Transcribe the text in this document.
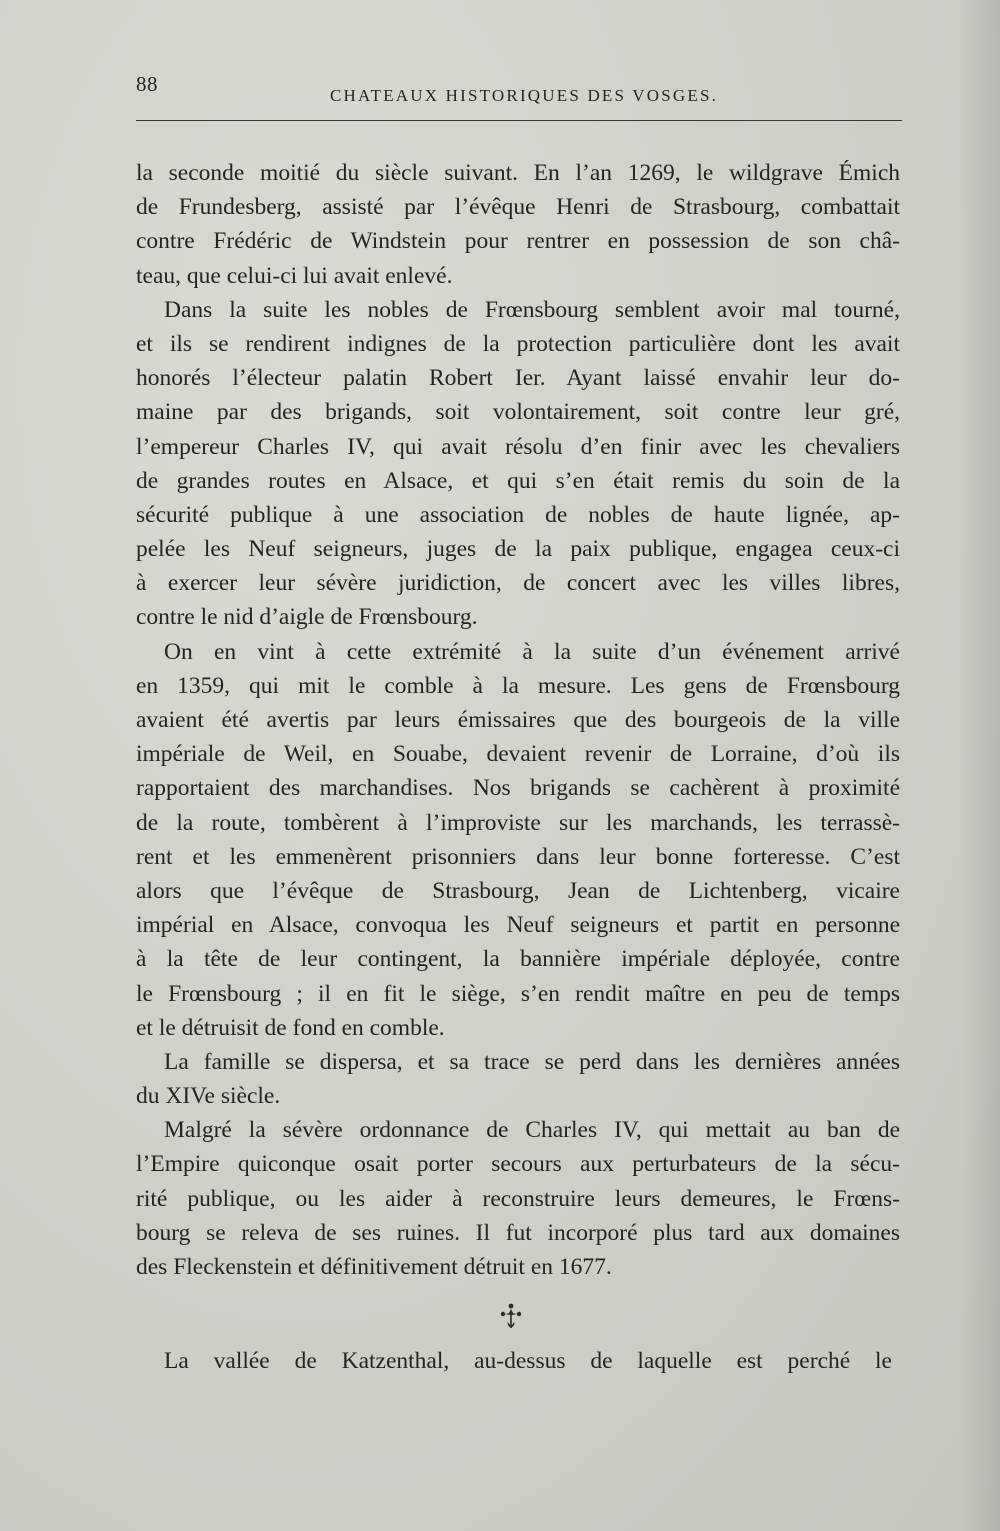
88	CHATEAUX HISTORIQUES DES VOSGES.
la seconde moitié du siècle suivant. En l’an 1269, le wildgrave Émich
de Frundesberg, assisté par l’évêque Henri de Strasbourg, combattait
contre Frédéric de Windstein pour rentrer en possession de son châ-
teau, que celui-ci lui avait enlevé.
Dans la suite les nobles de Frœnsbourg semblent avoir mal tourné,
et ils se rendirent indignes de la protection particulière dont les avait
honorés l’électeur palatin Robert Ier. Ayant laissé envahir leur do-
maine par des brigands, soit volontairement, soit contre leur gré,
l’empereur Charles IV, qui avait résolu d’en finir avec les chevaliers
de grandes routes en Alsace, et qui s’en était remis du soin de la
sécurité publique à une association de nobles de haute lignée, ap-
pelée les Neuf seigneurs, juges de la paix publique, engagea ceux-ci
à exercer leur sévère juridiction, de concert avec les villes libres,
contre le nid d’aigle de Frœnsbourg.
On en vint à cette extrémité à la suite d’un événement arrivé
en 1359, qui mit le comble à la mesure. Les gens de Frœnsbourg
avaient été avertis par leurs émissaires que des bourgeois de la ville
impériale de Weil, en Souabe, devaient revenir de Lorraine, d’où ils
rapportaient des marchandises. Nos brigands se cachèrent à proximité
de la route, tombèrent à l’improviste sur les marchands, les terrassè-
rent et les emmenèrent prisonniers dans leur bonne forteresse. C’est
alors que l’évêque de Strasbourg, Jean de Lichtenberg, vicaire
impérial en Alsace, convoqua les Neuf seigneurs et partit en personne
à la tête de leur contingent, la bannière impériale déployée, contre
le Frœnsbourg ; il en fit le siège, s’en rendit maître en peu de temps
et le détruisit de fond en comble.
La famille se dispersa, et sa trace se perd dans les dernières années
du XIVe siècle.
Malgré la sévère ordonnance de Charles IV, qui mettait au ban de
l’Empire quiconque osait porter secours aux perturbateurs de la sécu-
rité publique, ou les aider à reconstruire leurs demeures, le Frœns-
bourg se releva de ses ruines. Il fut incorporé plus tard aux domaines
des Fleckenstein et définitivement détruit en 1677.
La vallée de Katzenthal, au-dessus de laquelle est perché le
